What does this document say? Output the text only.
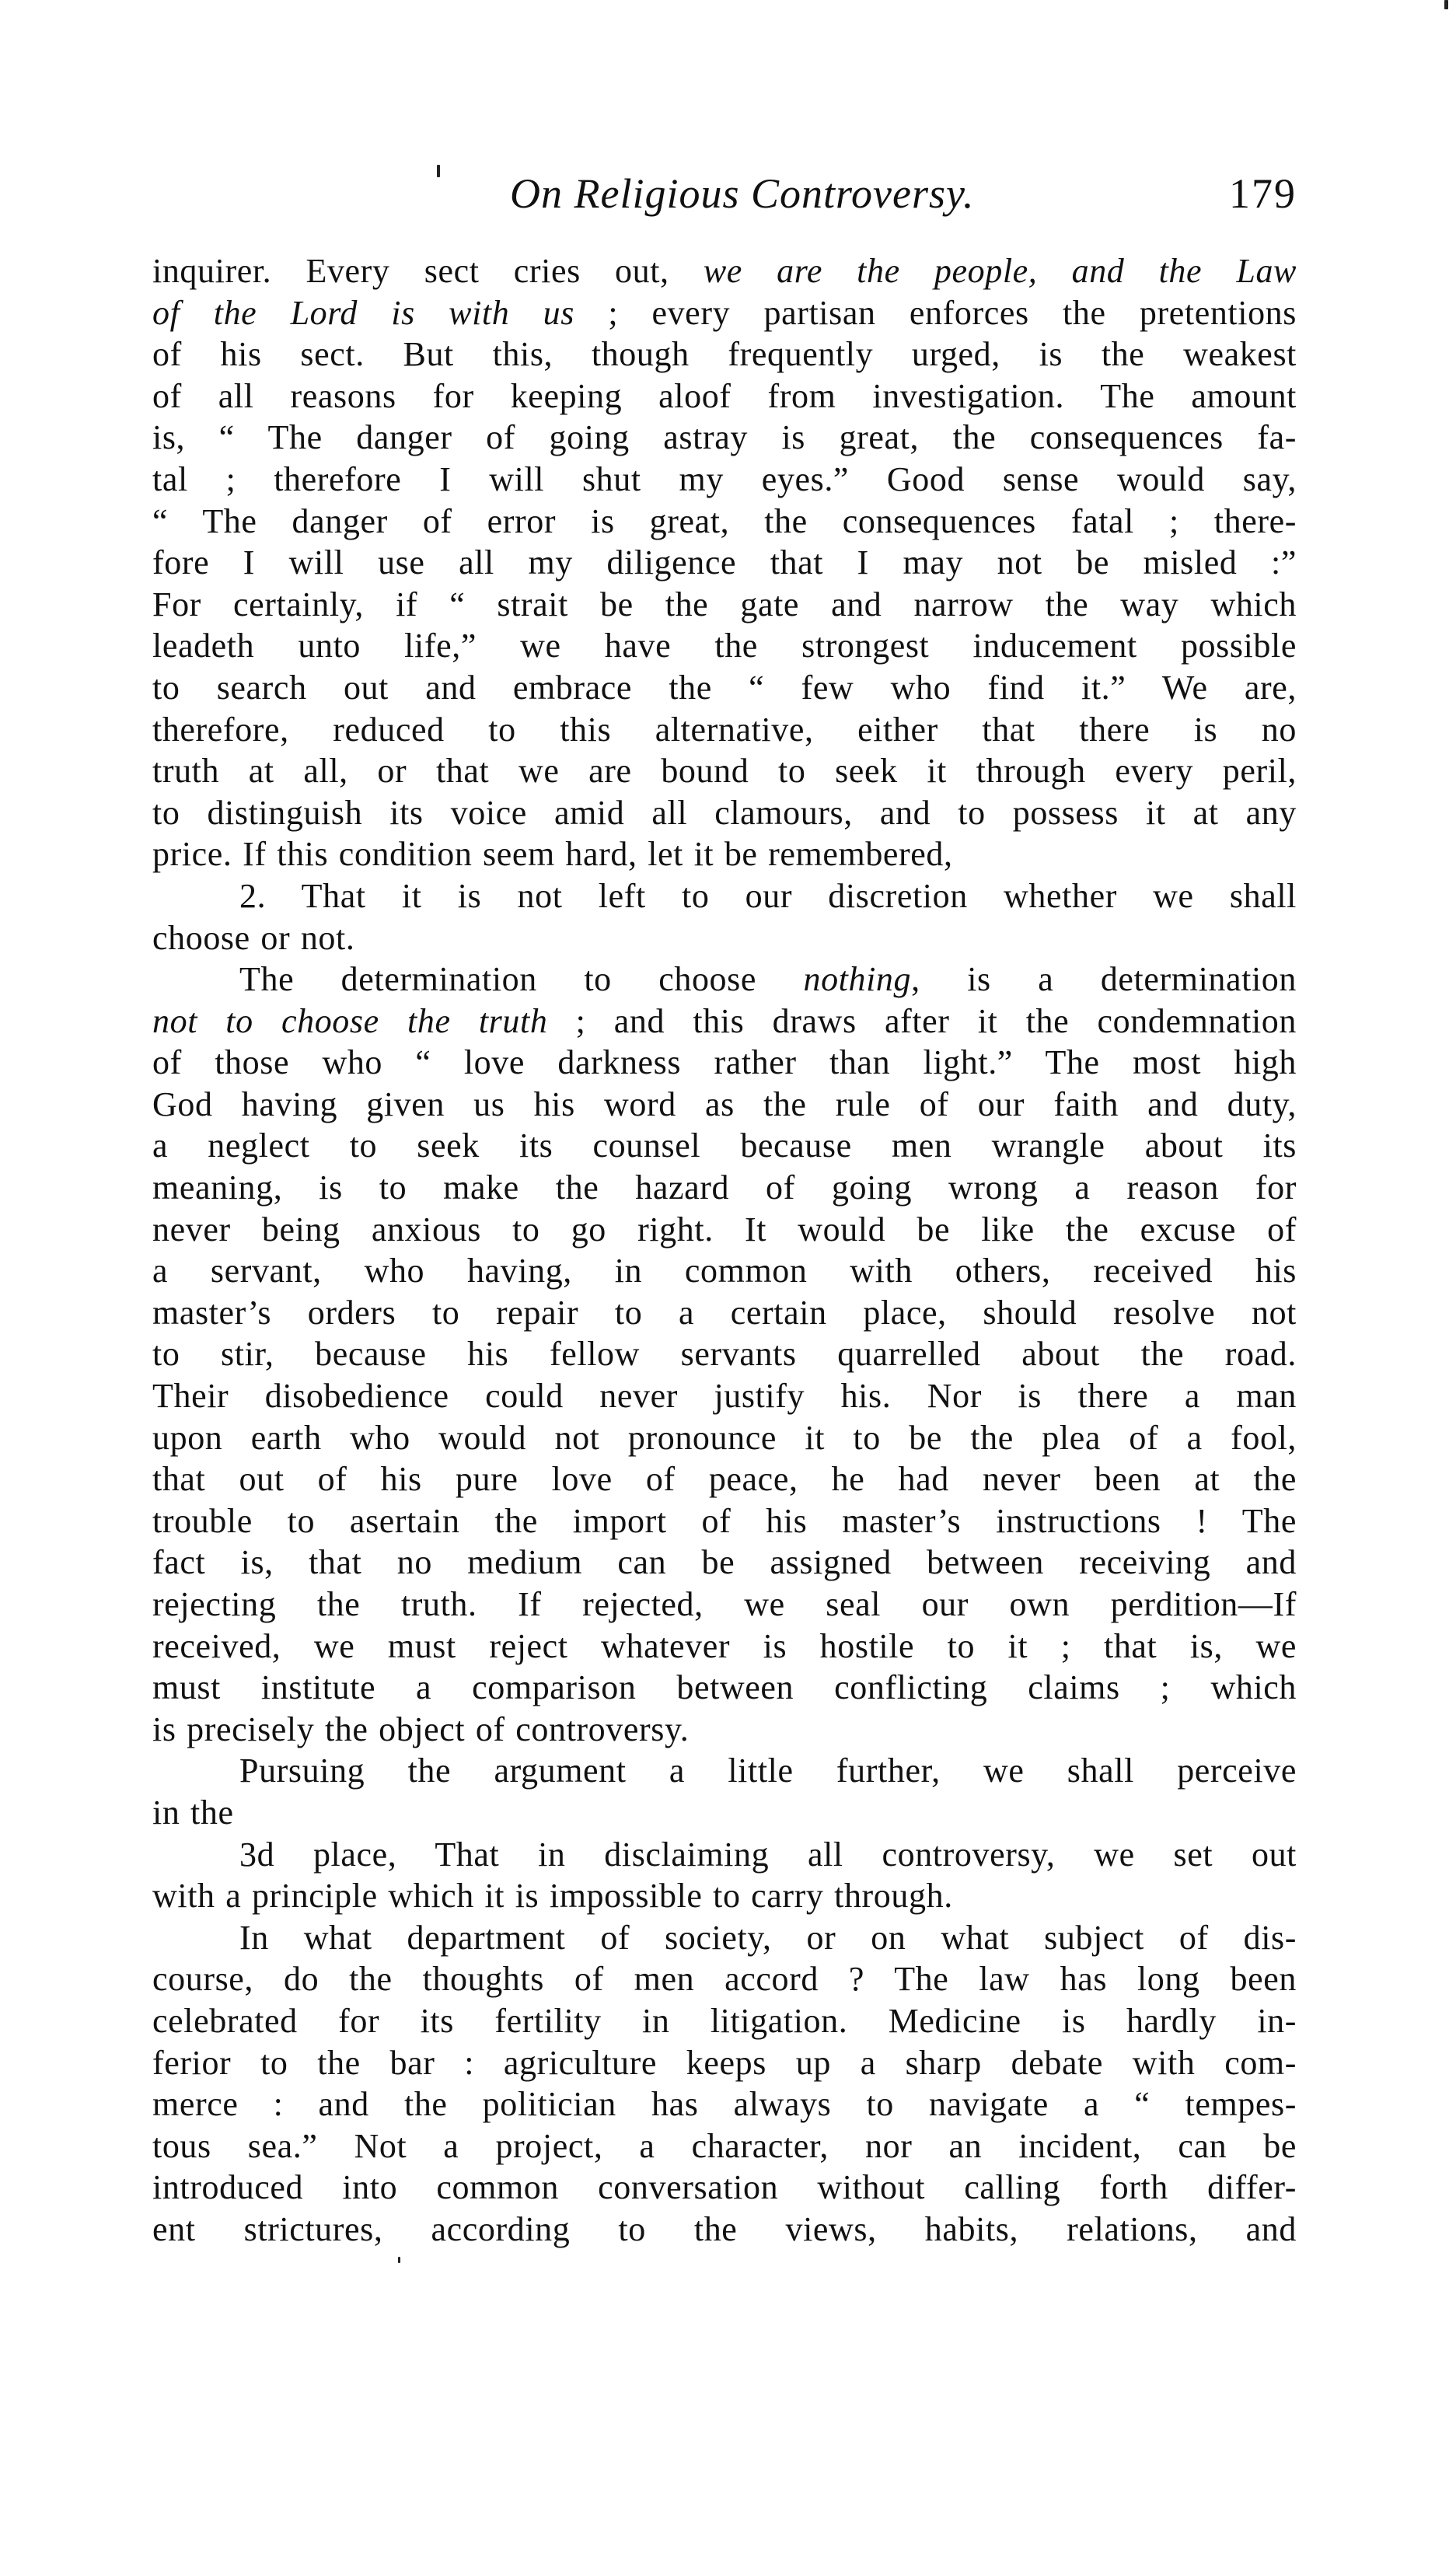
On Religious Controversy.	179
inquirer. Every sect cries out, we are the people, and the Law
of the Lord is with us ; every partisan enforces the pretentions
of his sect. But this, though frequently urged, is the weakest
of all reasons for keeping aloof from investigation. The amount
is, “ The danger of going astray is great, the consequences fa-
tal ; therefore I will shut my eyes.” Good sense would say,
“ The danger of error is great, the consequences fatal ; there-
fore I will use all my diligence that I may not be misled :”
For certainly, if “ strait be the gate and narrow the way which
leadeth unto life,” we have the strongest inducement possible
to search out and embrace the “ few who find it.” We are,
therefore, reduced to this alternative, either that there is no
truth at all, or that we are bound to seek it through every peril,
to distinguish its voice amid all clamours, and to possess it at any
price. If this condition seem hard, let it be remembered,
2. That it is not left to our discretion whether we shall
choose or not.
The determination to choose nothing, is a determination
not to choose the truth ; and this draws after it the condemnation
of those who “ love darkness rather than light.” The most high
God having given us his word as the rule of our faith and duty,
a neglect to seek its counsel because men wrangle about its
meaning, is to make the hazard of going wrong a reason for
never being anxious to go right. It would be like the excuse of
a servant, who having, in common with others, received his
master’s orders to repair to a certain place, should resolve not
to stir, because his fellow servants quarrelled about the road.
Their disobedience could never justify his. Nor is there a man
upon earth who would not pronounce it to be the plea of a fool,
that out of his pure love of peace, he had never been at the
trouble to asertain the import of his master’s instructions ! The
fact is, that no medium can be assigned between receiving and
rejecting the truth. If rejected, we seal our own perdition—If
received, we must reject whatever is hostile to it ; that is, we
must institute a comparison between conflicting claims ; which
is precisely the object of controversy.
Pursuing the argument a little further, we shall perceive
in the
3d place, That in disclaiming all controversy, we set out
with a principle which it is impossible to carry through.
In what department of society, or on what subject of dis-
course, do the thoughts of men accord ? The law has long been
celebrated for its fertility in litigation. Medicine is hardly in-
ferior to the bar : agriculture keeps up a sharp debate with com-
merce : and the politician has always to navigate a “ tempes-
tous sea.” Not a project, a character, nor an incident, can be
introduced into common conversation without calling forth differ-
ent strictures, according to the views, habits, relations, and
